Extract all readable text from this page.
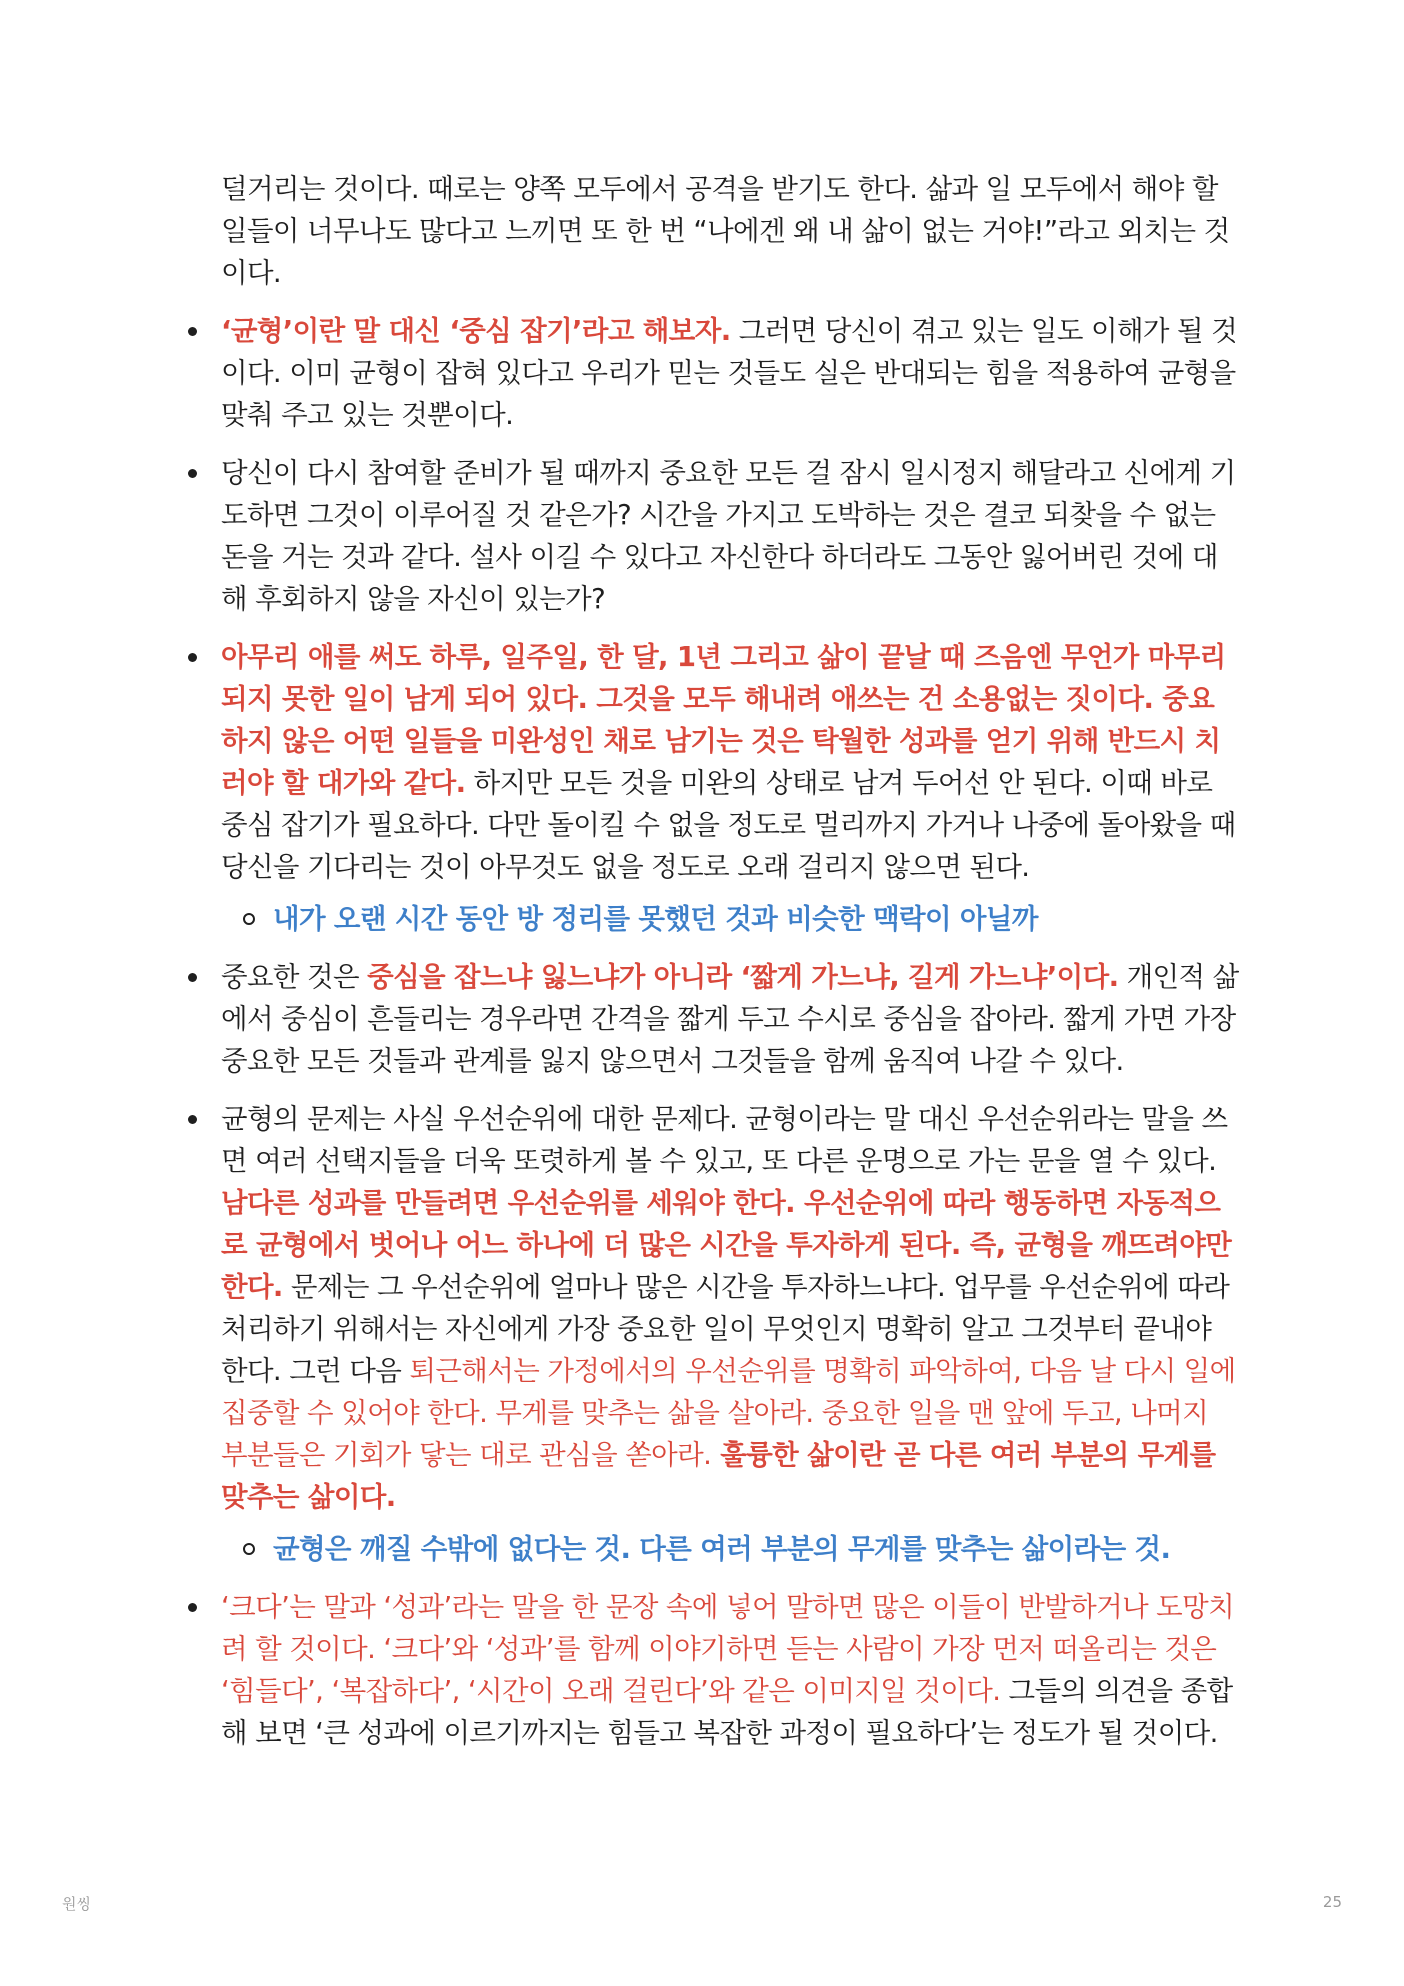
덜거리는 것이다. 때로는 양쪽 모두에서 공격을 받기도 한다. 삶과 일 모두에서 해야 할 일들이 너무나도 많다고 느끼면 또 한 번 “나에겐 왜 내 삶이 없는 거야!”라고 외치는 것이다.

‘균형’이란 말 대신 ‘중심 잡기’라고 해보자. 그러면 당신이 겪고 있는 일도 이해가 될 것이다. 이미 균형이 잡혀 있다고 우리가 믿는 것들도 실은 반대되는 힘을 적용하여 균형을 맞춰 주고 있는 것뿐이다.
당신이 다시 참여할 준비가 될 때까지 중요한 모든 걸 잠시 일시정지 해달라고 신에게 기도하면 그것이 이루어질 것 같은가? 시간을 가지고 도박하는 것은 결코 되찾을 수 없는 돈을 거는 것과 같다. 설사 이길 수 있다고 자신한다 하더라도 그동안 잃어버린 것에 대해 후회하지 않을 자신이 있는가?
아무리 애를 써도 하루, 일주일, 한 달, 1년 그리고 삶이 끝날 때 즈음엔 무언가 마무리되지 못한 일이 남게 되어 있다. 그것을 모두 해내려 애쓰는 건 소용없는 짓이다. 중요하지 않은 어떤 일들을 미완성인 채로 남기는 것은 탁월한 성과를 얻기 위해 반드시 치러야 할 대가와 같다. 하지만 모든 것을 미완의 상태로 남겨 두어선 안 된다. 이때 바로 중심 잡기가 필요하다. 다만 돌이킬 수 없을 정도로 멀리까지 가거나 나중에 돌아왔을 때 당신을 기다리는 것이 아무것도 없을 정도로 오래 걸리지 않으면 된다.
내가 오랜 시간 동안 방 정리를 못했던 것과 비슷한 맥락이 아닐까
중요한 것은 중심을 잡느냐 잃느냐가 아니라 ‘짧게 가느냐, 길게 가느냐’이다. 개인적 삶에서 중심이 흔들리는 경우라면 간격을 짧게 두고 수시로 중심을 잡아라. 짧게 가면 가장 중요한 모든 것들과 관계를 잃지 않으면서 그것들을 함께 움직여 나갈 수 있다.
균형의 문제는 사실 우선순위에 대한 문제다. 균형이라는 말 대신 우선순위라는 말을 쓰면 여러 선택지들을 더욱 또렷하게 볼 수 있고, 또 다른 운명으로 가는 문을 열 수 있다. 남다른 성과를 만들려면 우선순위를 세워야 한다. 우선순위에 따라 행동하면 자동적으로 균형에서 벗어나 어느 하나에 더 많은 시간을 투자하게 된다. 즉, 균형을 깨뜨려야만 한다. 문제는 그 우선순위에 얼마나 많은 시간을 투자하느냐다. 업무를 우선순위에 따라 처리하기 위해서는 자신에게 가장 중요한 일이 무엇인지 명확히 알고 그것부터 끝내야 한다. 그런 다음 퇴근해서는 가정에서의 우선순위를 명확히 파악하여, 다음 날 다시 일에 집중할 수 있어야 한다. 무게를 맞추는 삶을 살아라. 중요한 일을 맨 앞에 두고, 나머지 부분들은 기회가 닿는 대로 관심을 쏟아라. 훌륭한 삶이란 곧 다른 여러 부분의 무게를 맞추는 삶이다.
균형은 깨질 수밖에 없다는 것. 다른 여러 부분의 무게를 맞추는 삶이라는 것.
‘크다’는 말과 ‘성과’라는 말을 한 문장 속에 넣어 말하면 많은 이들이 반발하거나 도망치려 할 것이다. ‘크다’와 ‘성과’를 함께 이야기하면 듣는 사람이 가장 먼저 떠올리는 것은 ‘힘들다’, ‘복잡하다’, ‘시간이 오래 걸린다’와 같은 이미지일 것이다. 그들의 의견을 종합해 보면 ‘큰 성과에 이르기까지는 힘들고 복잡한 과정이 필요하다’는 정도가 될 것이다.
원씽	25
